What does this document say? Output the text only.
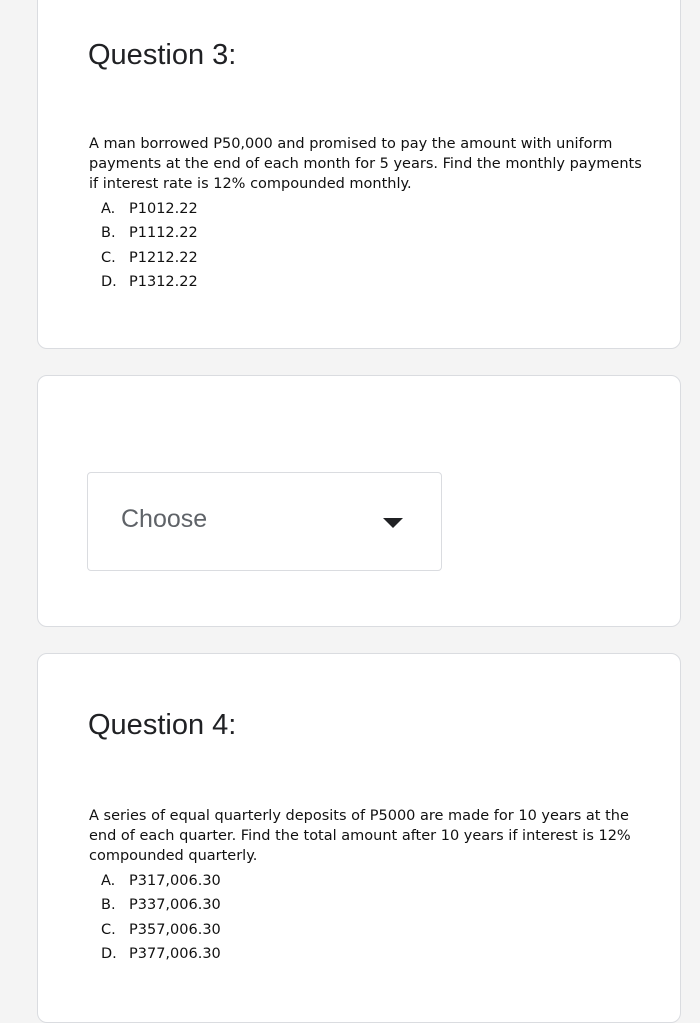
Question 3:

A man borrowed P50,000 and promised to pay the amount with uniform payments at the end of each month for 5 years. Find the monthly payments if interest rate is 12% compounded monthly.

A. P1012.22
B. P1112.22
C. P1212.22
D. P1312.22
Choose
Question 4:

A series of equal quarterly deposits of P5000 are made for 10 years at the end of each quarter. Find the total amount after 10 years if interest is 12% compounded quarterly.

A. P317,006.30
B. P337,006.30
C. P357,006.30
D. P377,006.30
